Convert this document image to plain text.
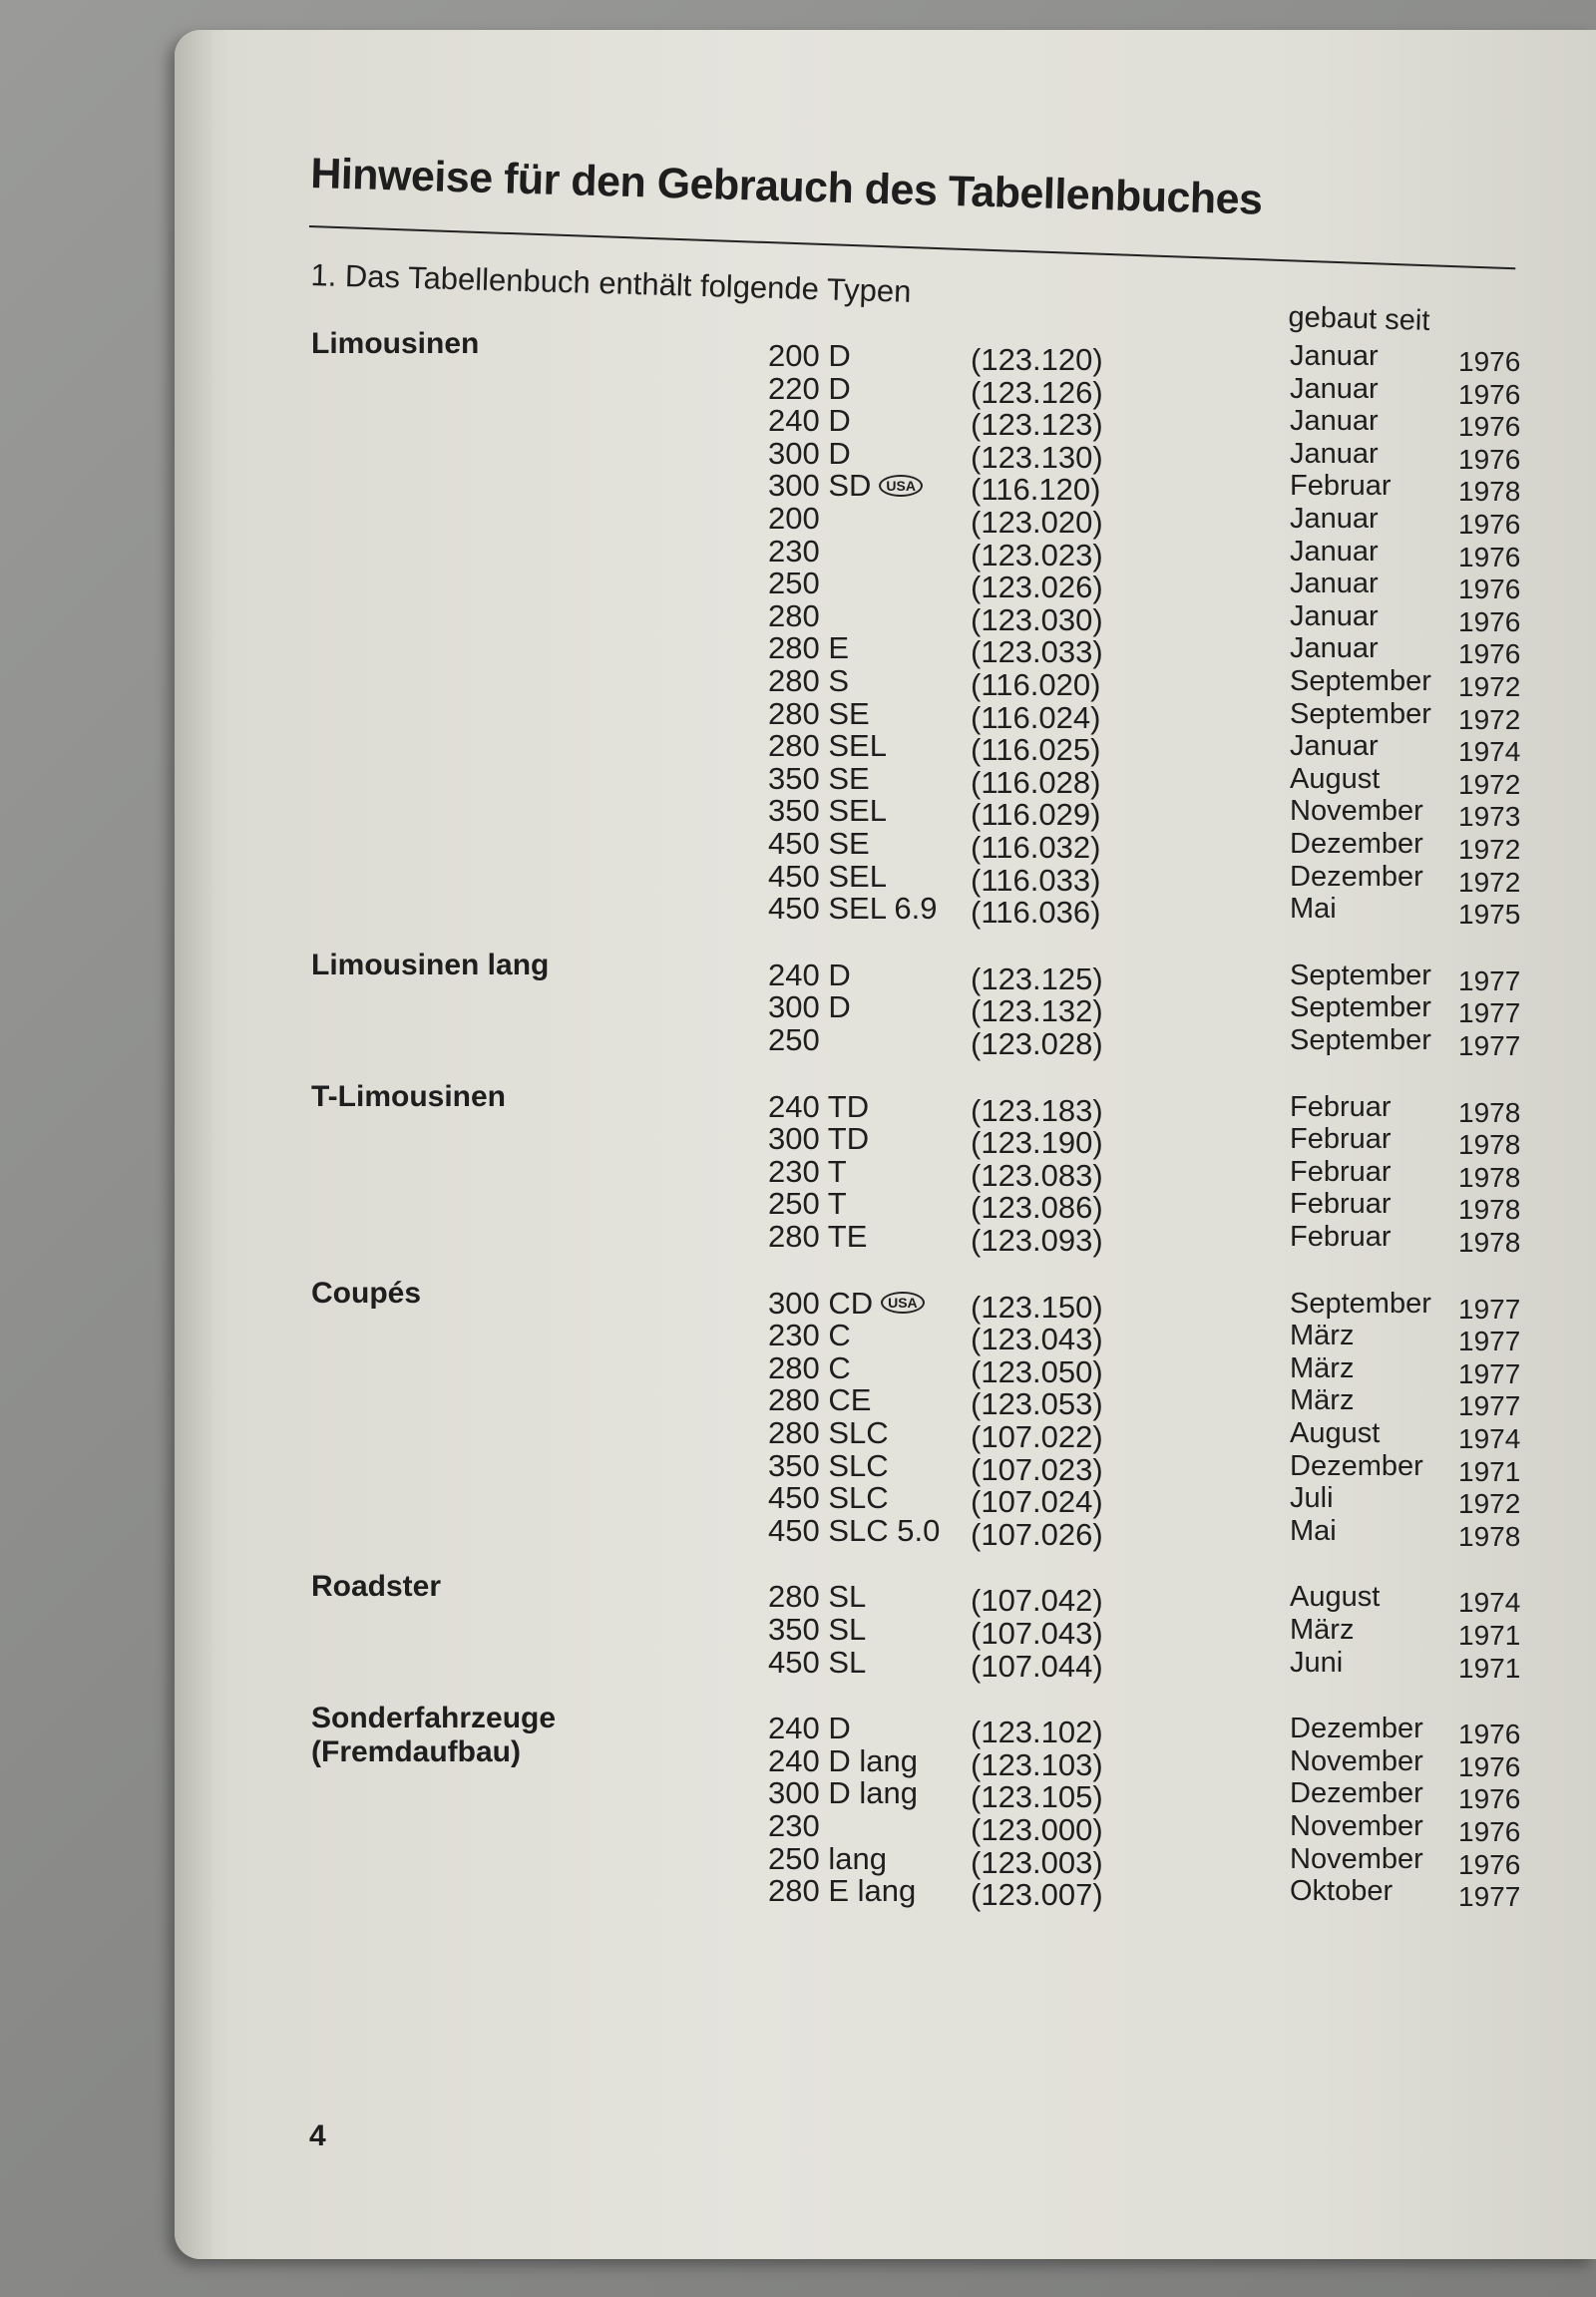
Hinweise für den Gebrauch des Tabellenbuches
1. Das Tabellenbuch enthält folgende Typen
gebaut seit
Limousinen	200 D	(123.120)	Januar	1976
220 D	(123.126)	Januar	1976
240 D	(123.123)	Januar	1976
300 D	(123.130)	Januar	1976
300 SD USA (116.120)	Februar 1978
200	(123.020)	Januar	1976
230	(123.023)	Januar	1976
250	(123.026)	Januar	1976
280	(123.030)	Januar	1976
280 E	(123.033)	Januar	1976
280 S	(116.020)	September 1972
280 SE	(116.024)	September 1972
280 SEL	(116.025)	Januar	1974
350 SE	(116.028)	August	1972
350 SEL	(116.029)	November 1973
450 SE	(116.032)	Dezember 1972
450 SEL	(116.033)	Dezember 1972
450 SEL 6.9 (116.036)	Mai	1975
Limousinen lang	240 D	(123.125)	September 1977
300 D	(123.132)	September 1977
250	(123.028)	September 1977
T-Limousinen	240 TD	(123.183)	Februar 1978
300 TD	(123.190)	Februar 1978
230 T	(123.083)	Februar 1978
250 T	(123.086)	Februar 1978
280 TE	(123.093)	Februar 1978
Coupés	300 CD USA (123.150)	September 1977
230 C	(123.043)	März	1977
280 C	(123.050)	März	1977
280 CE	(123.053)	März	1977
280 SLC	(107.022)	August	1974
350 SLC	(107.023)	Dezember 1971
450 SLC	(107.024)	Juli	1972
450 SLC 5.0 (107.026)	Mai	1978
Roadster	280 SL	(107.042)	August	1974
350 SL	(107.043)	März	1971
450 SL	(107.044)	Juni	1971
Sonderfahrzeuge
(Fremdaufbau)
240 D	(123.102)	Dezember 1976
240 D lang (123.103)	November 1976
300 D lang (123.105)	Dezember 1976
230	(123.000)	November 1976
250 lang	(123.003)	November 1976
280 E lang (123.007)	Oktober 1977
4
